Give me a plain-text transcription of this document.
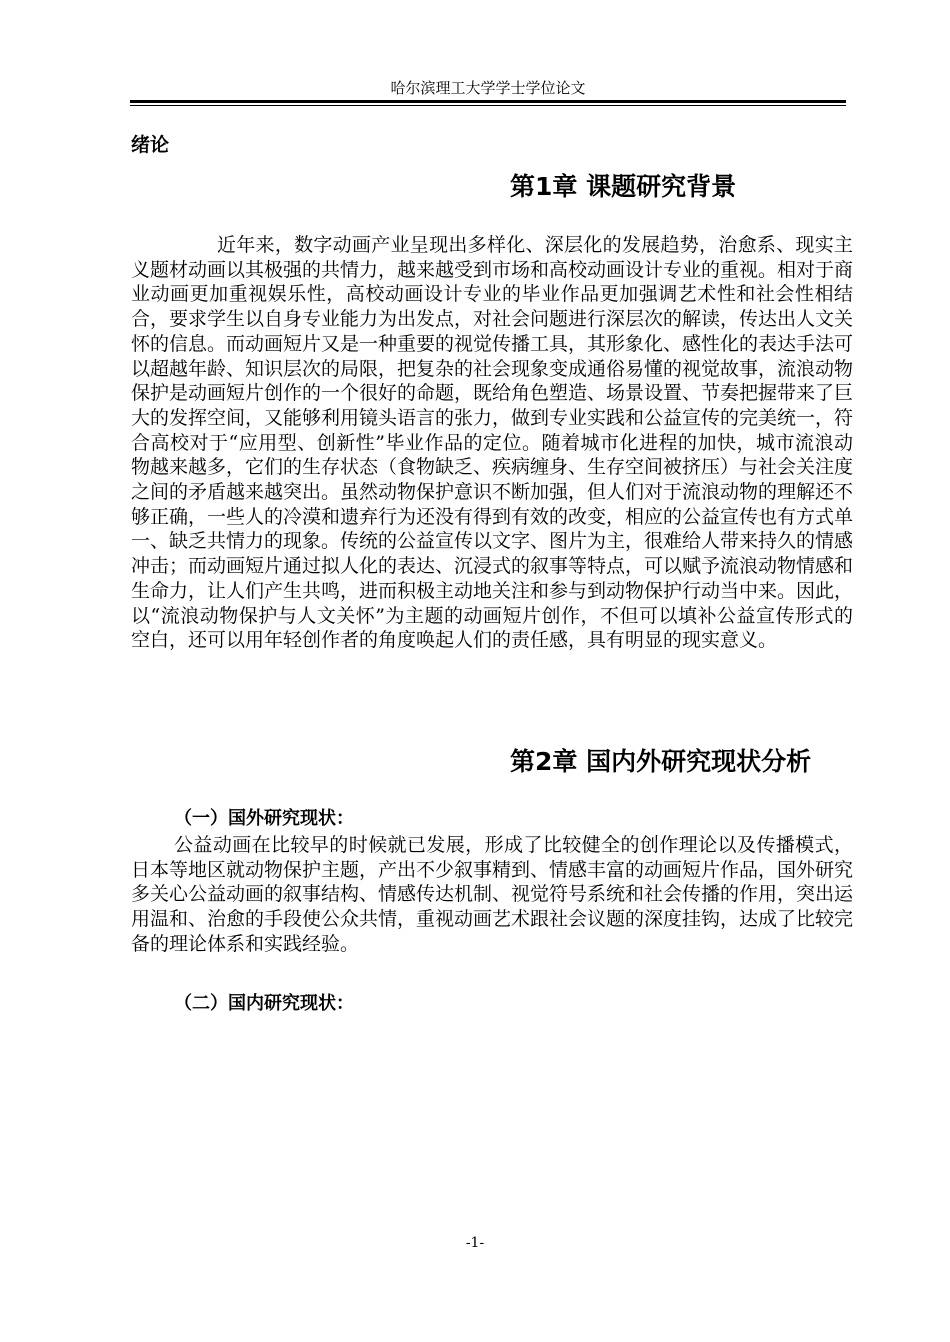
哈尔滨理工大学学士学位论文
绪论
第1章 课题研究背景
近年来，数字动画产业呈现出多样化、深层化的发展趋势，治愈系、现实主义题材动画以其极强的共情力，越来越受到市场和高校动画设计专业的重视。相对于商业动画更加重视娱乐性，高校动画设计专业的毕业作品更加强调艺术性和社会性相结合，要求学生以自身专业能力为出发点，对社会问题进行深层次的解读，传达出人文关怀的信息。而动画短片又是一种重要的视觉传播工具，其形象化、感性化的表达手法可以超越年龄、知识层次的局限，把复杂的社会现象变成通俗易懂的视觉故事，流浪动物保护是动画短片创作的一个很好的命题，既给角色塑造、场景设置、节奏把握带来了巨大的发挥空间，又能够利用镜头语言的张力，做到专业实践和公益宣传的完美统一，符合高校对于“应用型、创新性”毕业作品的定位。随着城市化进程的加快，城市流浪动物越来越多，它们的生存状态（食物缺乏、疾病缠身、生存空间被挤压）与社会关注度之间的矛盾越来越突出。虽然动物保护意识不断加强，但人们对于流浪动物的理解还不够正确，一些人的冷漠和遗弃行为还没有得到有效的改变，相应的公益宣传也有方式单一、缺乏共情力的现象。传统的公益宣传以文字、图片为主，很难给人带来持久的情感冲击；而动画短片通过拟人化的表达、沉浸式的叙事等特点，可以赋予流浪动物情感和生命力，让人们产生共鸣，进而积极主动地关注和参与到动物保护行动当中来。因此，以“流浪动物保护与人文关怀”为主题的动画短片创作，不但可以填补公益宣传形式的空白，还可以用年轻创作者的角度唤起人们的责任感，具有明显的现实意义。
第2章 国内外研究现状分析
（一）国外研究现状：
公益动画在比较早的时候就已发展，形成了比较健全的创作理论以及传播模式，日本等地区就动物保护主题，产出不少叙事精到、情感丰富的动画短片作品，国外研究多关心公益动画的叙事结构、情感传达机制、视觉符号系统和社会传播的作用，突出运用温和、治愈的手段使公众共情，重视动画艺术跟社会议题的深度挂钩，达成了比较完备的理论体系和实践经验。
（二）国内研究现状：
-1-
